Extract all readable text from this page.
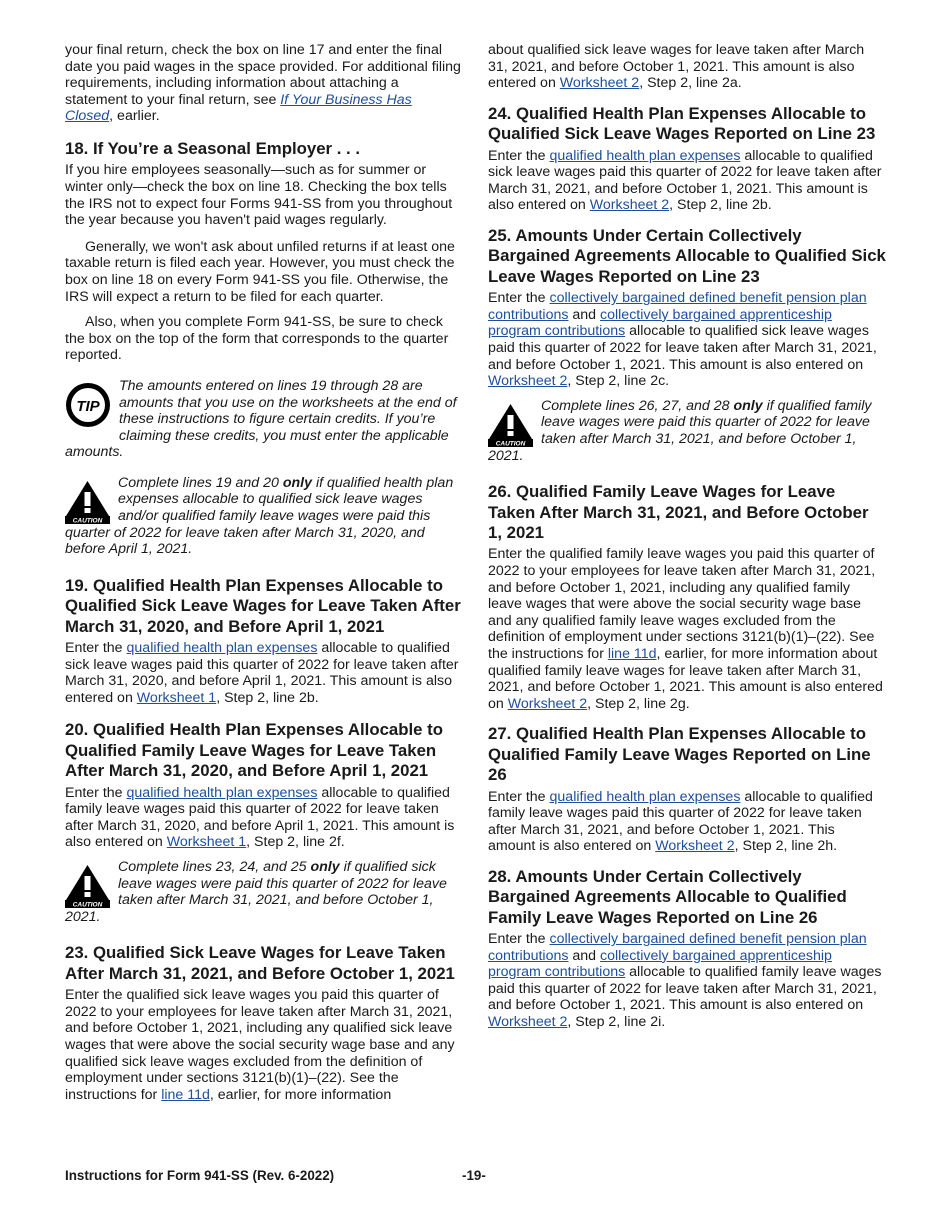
your final return, check the box on line 17 and enter the final date you paid wages in the space provided. For additional filing requirements, including information about attaching a statement to your final return, see If Your Business Has Closed, earlier.

18. If You’re a Seasonal Employer . . .

If you hire employees seasonally—such as for summer or winter only—check the box on line 18. Checking the box tells the IRS not to expect four Forms 941-SS from you throughout the year because you haven't paid wages regularly.

Generally, we won't ask about unfiled returns if at least one taxable return is filed each year. However, you must check the box on line 18 on every Form 941-SS you file. Otherwise, the IRS will expect a return to be filed for each quarter.

Also, when you complete Form 941-SS, be sure to check the box on the top of the form that corresponds to the quarter reported.

TIP
The amounts entered on lines 19 through 28 are amounts that you use on the worksheets at the end of these instructions to figure certain credits. If you’re claiming these credits, you must enter the applicable amounts.
CAUTION
Complete lines 19 and 20 only if qualified health plan expenses allocable to qualified sick leave wages and/or qualified family leave wages were paid this quarter of 2022 for leave taken after March 31, 2020, and before April 1, 2021.
19. Qualified Health Plan Expenses Allocable to Qualified Sick Leave Wages for Leave Taken After March 31, 2020, and Before April 1, 2021

Enter the qualified health plan expenses allocable to qualified sick leave wages paid this quarter of 2022 for leave taken after March 31, 2020, and before April 1, 2021. This amount is also entered on Worksheet 1, Step 2, line 2b.

20. Qualified Health Plan Expenses Allocable to Qualified Family Leave Wages for Leave Taken After March 31, 2020, and Before April 1, 2021

Enter the qualified health plan expenses allocable to qualified family leave wages paid this quarter of 2022 for leave taken after March 31, 2020, and before April 1, 2021. This amount is also entered on Worksheet 1, Step 2, line 2f.

CAUTION
Complete lines 23, 24, and 25 only if qualified sick leave wages were paid this quarter of 2022 for leave taken after March 31, 2021, and before October 1, 2021.
23. Qualified Sick Leave Wages for Leave Taken After March 31, 2021, and Before October 1, 2021

Enter the qualified sick leave wages you paid this quarter of 2022 to your employees for leave taken after March 31, 2021, and before October 1, 2021, including any qualified sick leave wages that were above the social security wage base and any qualified sick leave wages excluded from the definition of employment under sections 3121(b)(1)–(22). See the instructions for line 11d, earlier, for more information

about qualified sick leave wages for leave taken after March 31, 2021, and before October 1, 2021. This amount is also entered on Worksheet 2, Step 2, line 2a.

24. Qualified Health Plan Expenses Allocable to Qualified Sick Leave Wages Reported on Line 23

Enter the qualified health plan expenses allocable to qualified sick leave wages paid this quarter of 2022 for leave taken after March 31, 2021, and before October 1, 2021. This amount is also entered on Worksheet 2, Step 2, line 2b.

25. Amounts Under Certain Collectively Bargained Agreements Allocable to Qualified Sick Leave Wages Reported on Line 23

Enter the collectively bargained defined benefit pension plan contributions and collectively bargained apprenticeship program contributions allocable to qualified sick leave wages paid this quarter of 2022 for leave taken after March 31, 2021, and before October 1, 2021. This amount is also entered on Worksheet 2, Step 2, line 2c.

CAUTION
Complete lines 26, 27, and 28 only if qualified family leave wages were paid this quarter of 2022 for leave taken after March 31, 2021, and before October 1, 2021.
26. Qualified Family Leave Wages for Leave Taken After March 31, 2021, and Before October 1, 2021

Enter the qualified family leave wages you paid this quarter of 2022 to your employees for leave taken after March 31, 2021, and before October 1, 2021, including any qualified family leave wages that were above the social security wage base and any qualified family leave wages excluded from the definition of employment under sections 3121(b)(1)–(22). See the instructions for line 11d, earlier, for more information about qualified family leave wages for leave taken after March 31, 2021, and before October 1, 2021. This amount is also entered on Worksheet 2, Step 2, line 2g.

27. Qualified Health Plan Expenses Allocable to Qualified Family Leave Wages Reported on Line 26

Enter the qualified health plan expenses allocable to qualified family leave wages paid this quarter of 2022 for leave taken after March 31, 2021, and before October 1, 2021. This amount is also entered on Worksheet 2, Step 2, line 2h.

28. Amounts Under Certain Collectively Bargained Agreements Allocable to Qualified Family Leave Wages Reported on Line 26

Enter the collectively bargained defined benefit pension plan contributions and collectively bargained apprenticeship program contributions allocable to qualified family leave wages paid this quarter of 2022 for leave taken after March 31, 2021, and before October 1, 2021. This amount is also entered on Worksheet 2, Step 2, line 2i.

Instructions for Form 941-SS (Rev. 6-2022)	-19-
